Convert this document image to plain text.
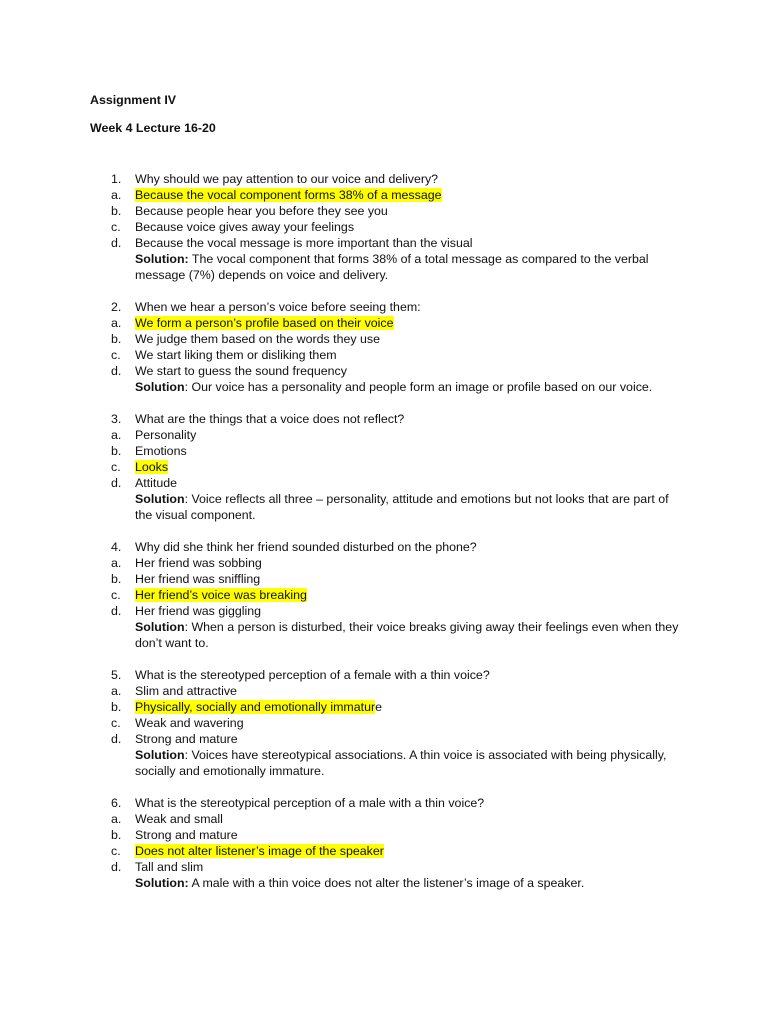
Assignment IV
Week 4 Lecture 16-20
1.	Why should we pay attention to our voice and delivery?
a.	Because the vocal component forms 38% of a message
b.	Because people hear you before they see you
c.	Because voice gives away your feelings
d.	Because the vocal message is more important than the visual
Solution: The vocal component that forms 38% of a total message as compared to the verbal message (7%) depends on voice and delivery.
2.	When we hear a person’s voice before seeing them:
a.	We form a person’s profile based on their voice
b.	We judge them based on the words they use
c.	We start liking them or disliking them
d.	We start to guess the sound frequency
Solution: Our voice has a personality and people form an image or profile based on our voice.
3.	What are the things that a voice does not reflect?
a.	Personality
b.	Emotions
c.	Looks
d.	Attitude
Solution: Voice reflects all three – personality, attitude and emotions but not looks that are part of the visual component.
4.	Why did she think her friend sounded disturbed on the phone?
a.	Her friend was sobbing
b.	Her friend was sniffling
c.	Her friend’s voice was breaking
d.	Her friend was giggling
Solution: When a person is disturbed, their voice breaks giving away their feelings even when they don’t want to.
5.	What is the stereotyped perception of a female with a thin voice?
a.	Slim and attractive
b.	Physically, socially and emotionally immature
c.	Weak and wavering
d.	Strong and mature
Solution: Voices have stereotypical associations. A thin voice is associated with being physically, socially and emotionally immature.
6.	What is the stereotypical perception of a male with a thin voice?
a.	Weak and small
b.	Strong and mature
c.	Does not alter listener’s image of the speaker
d.	Tall and slim
Solution: A male with a thin voice does not alter the listener’s image of a speaker.
